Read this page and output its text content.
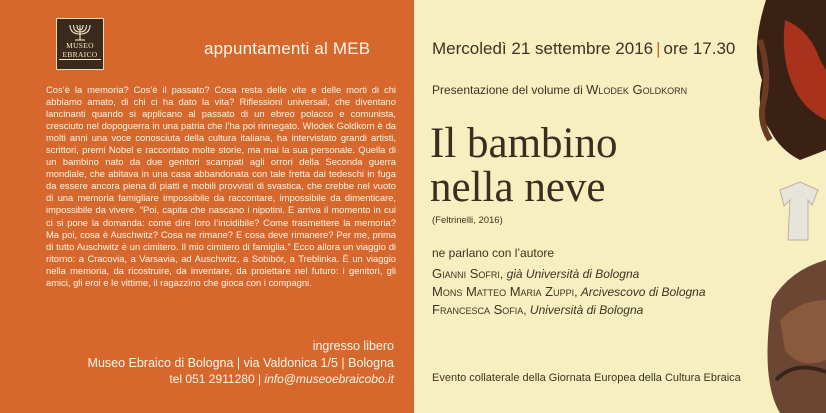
MUSEO
EBRAICO	appuntamenti al MEB
Cos’è la memoria? Cos’è il passato? Cosa resta delle vite e delle morti di chi abbiamo amato, di chi ci ha dato la vita? Riflessioni universali, che diventano lancinanti quando si applicano al passato di un ebreo polacco e comunista, cresciuto nel dopoguerra in una patria che l’ha poi rinnegato. Wlodek Goldkorn è da molti anni una voce conosciuta della cultura italiana, ha intervistato grandi artisti, scrittori, premi Nobel e raccontato molte storie, ma mai la sua personale. Quella di un bambino nato da due genitori scampati agli orrori della Seconda guerra mondiale, che abitava in una casa abbandonata con tale fretta dai tedeschi in fuga da essere ancora piena di piatti e mobili provvisti di svastica, che crebbe nel vuoto di una memoria famigliare impossibile da raccontare, impossibile da dimenticare, impossibile da vivere. “Poi, capita che nascano i nipotini. E arriva il momento in cui ci si pone la domanda: come dire loro l’incidibile? Come trasmettere la memoria? Ma poi, cosa è Auschwitz? Cosa ne rimane? E cosa deve rimanere? Per me, prima di tutto Auschwitz è un cimitero. Il mio cimitero di famiglia.” Ecco allora un viaggio di ritorno: a Cracovia, a Varsavia, ad Auschwitz, a Sobibór, a Treblinka. È un viaggio nella memoria, da ricostruire, da inventare, da proiettare nel futuro: i genitori, gli amici, gli eroi e le vittime, il ragazzino che gioca con i compagni.
ingresso libero
Museo Ebraico di Bologna | via Valdonica 1/5 | Bologna
tel 051 2911280 | info@museoebraicobo.it
Mercoledì 21 settembre 2016 | ore 17.30
Presentazione del volume di Wlodek Goldkorn
Il bambino
nella neve
(Feltrinelli, 2016)
ne parlano con l’autore
Gianni Sofri, già Università di Bologna
Mons Matteo Maria Zuppi, Arcivescovo di Bologna
Francesca Sofia, Università di Bologna
Evento collaterale della Giornata Europea della Cultura Ebraica
